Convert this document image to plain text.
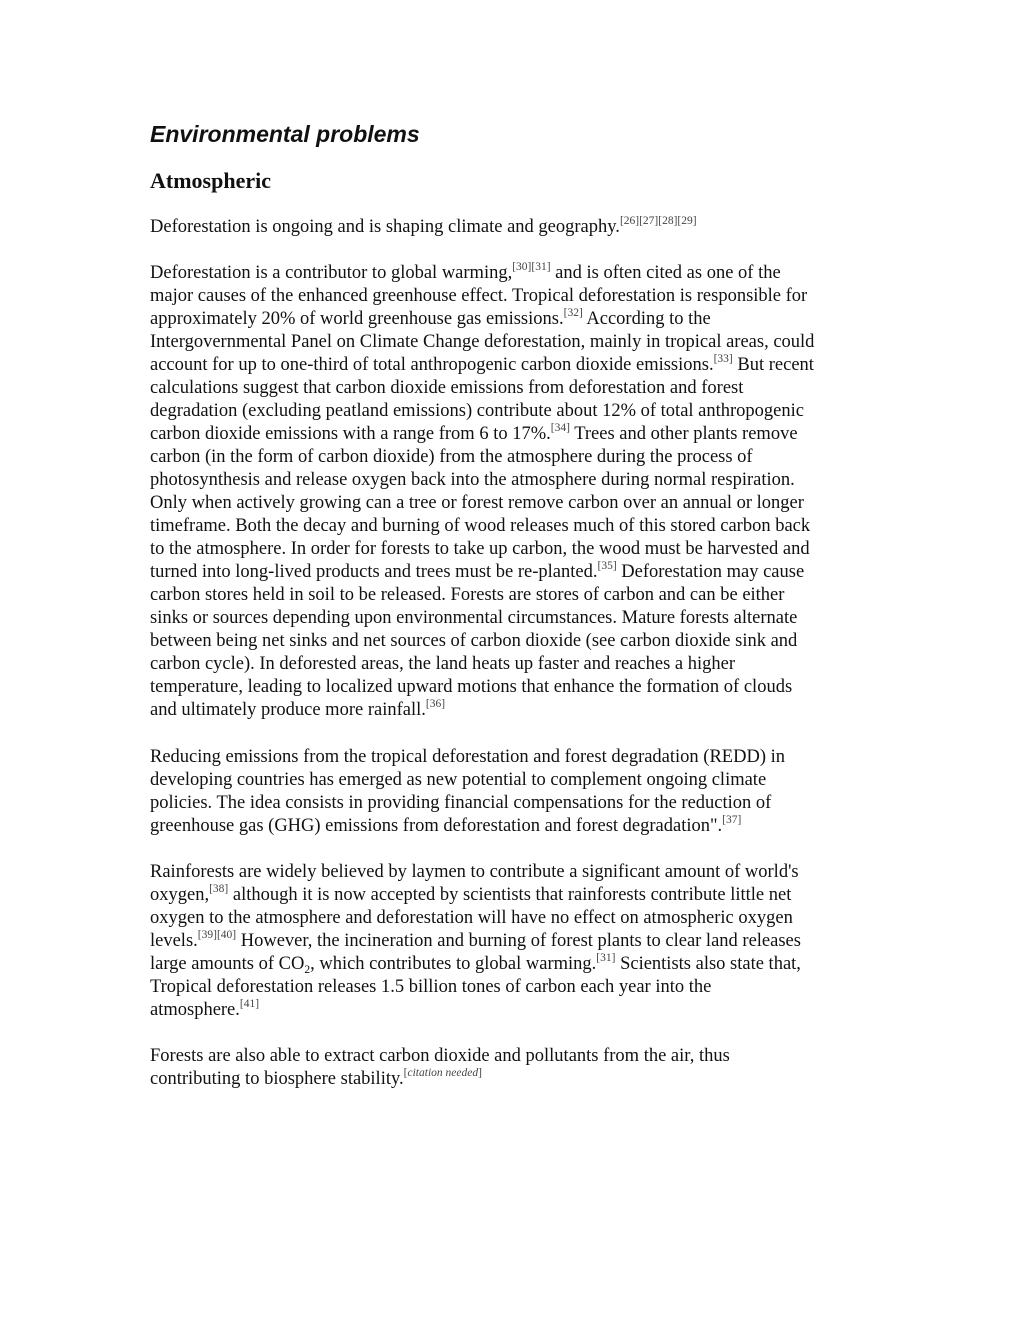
Environmental problems
Atmospheric

Deforestation is ongoing and is shaping climate and geography.[26][27][28][29]

Deforestation is a contributor to global warming,[30][31] and is often cited as one of the
major causes of the enhanced greenhouse effect. Tropical deforestation is responsible for
approximately 20% of world greenhouse gas emissions.[32] According to the
Intergovernmental Panel on Climate Change deforestation, mainly in tropical areas, could
account for up to one-third of total anthropogenic carbon dioxide emissions.[33] But recent
calculations suggest that carbon dioxide emissions from deforestation and forest
degradation (excluding peatland emissions) contribute about 12% of total anthropogenic
carbon dioxide emissions with a range from 6 to 17%.[34] Trees and other plants remove
carbon (in the form of carbon dioxide) from the atmosphere during the process of
photosynthesis and release oxygen back into the atmosphere during normal respiration.
Only when actively growing can a tree or forest remove carbon over an annual or longer
timeframe. Both the decay and burning of wood releases much of this stored carbon back
to the atmosphere. In order for forests to take up carbon, the wood must be harvested and
turned into long-lived products and trees must be re-planted.[35] Deforestation may cause
carbon stores held in soil to be released. Forests are stores of carbon and can be either
sinks or sources depending upon environmental circumstances. Mature forests alternate
between being net sinks and net sources of carbon dioxide (see carbon dioxide sink and
carbon cycle). In deforested areas, the land heats up faster and reaches a higher
temperature, leading to localized upward motions that enhance the formation of clouds
and ultimately produce more rainfall.[36]

Reducing emissions from the tropical deforestation and forest degradation (REDD) in
developing countries has emerged as new potential to complement ongoing climate
policies. The idea consists in providing financial compensations for the reduction of
greenhouse gas (GHG) emissions from deforestation and forest degradation".[37]

Rainforests are widely believed by laymen to contribute a significant amount of world's
oxygen,[38] although it is now accepted by scientists that rainforests contribute little net
oxygen to the atmosphere and deforestation will have no effect on atmospheric oxygen
levels.[39][40] However, the incineration and burning of forest plants to clear land releases
large amounts of $CO_2$, which contributes to global warming.[31] Scientists also state that,
Tropical deforestation releases 1.5 billion tones of carbon each year into the
atmosphere.[41]

Forests are also able to extract carbon dioxide and pollutants from the air, thus
contributing to biosphere stability.[citation needed]
